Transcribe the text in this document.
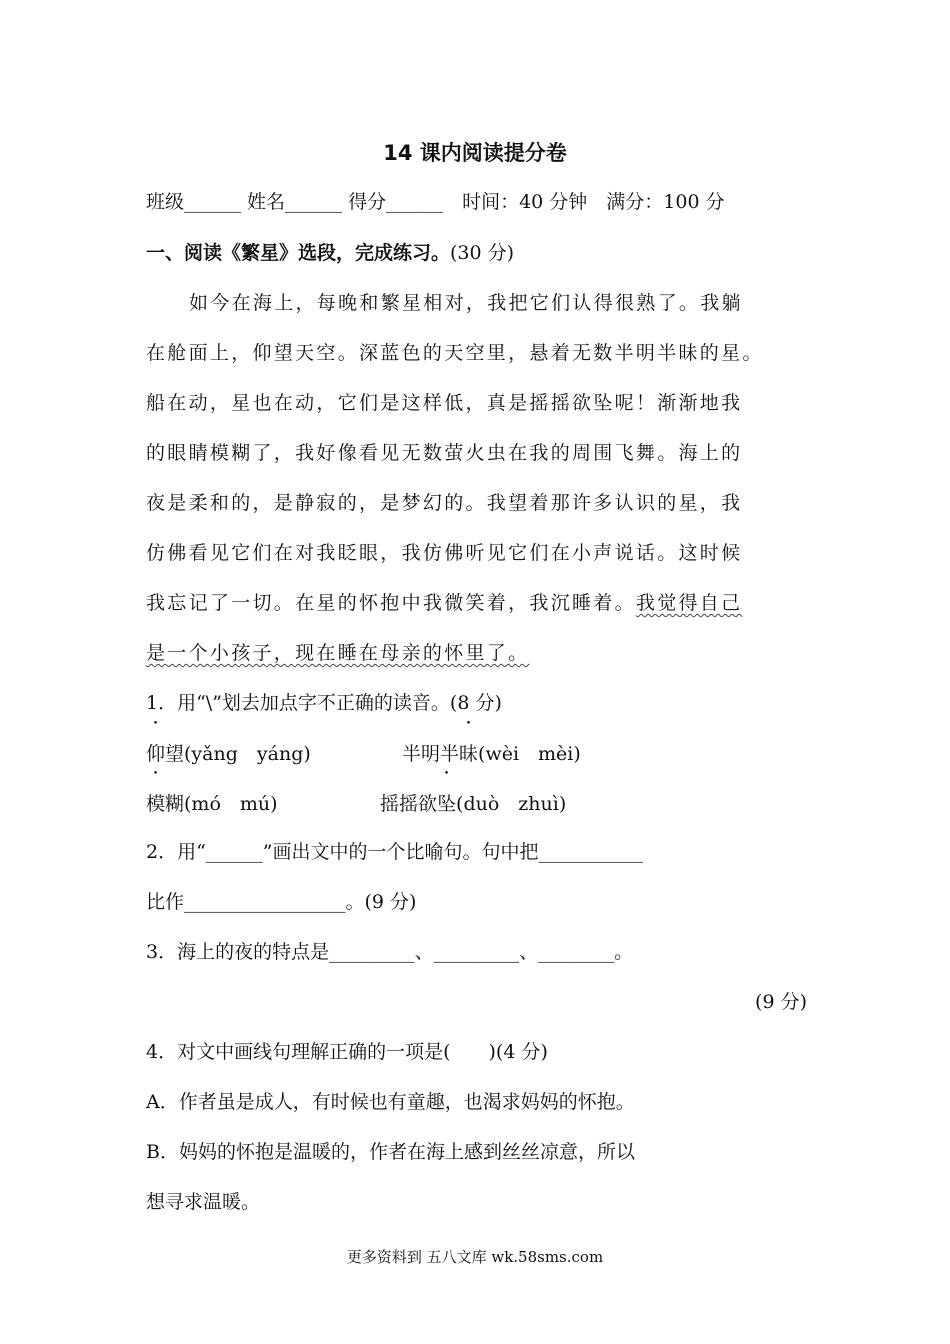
14 课内阅读提分卷
班级______ 姓名______ 得分______　时间：40 分钟　满分：100 分
一、阅读《繁星》选段，完成练习。(30 分)
如今在海上，每晚和繁星相对，我把它们认得很熟了。我躺
在舱面上，仰望天空。深蓝色的天空里，悬着无数半明半昧的星。
船在动，星也在动，它们是这样低，真是摇摇欲坠呢！渐渐地我
的眼睛模糊了，我好像看见无数萤火虫在我的周围飞舞。海上的
夜是柔和的，是静寂的，是梦幻的。我望着那许多认识的星，我
仿佛看见它们在对我眨眼，我仿佛听见它们在小声说话。这时候
我忘记了一切。在星的怀抱中我微笑着，我沉睡着。我觉得自己
是一个小孩子，现在睡在母亲的怀里了。
1．用“\”划去加点字不正确的读音。(8 分)
仰望(yǎng　yáng)	半明半昧(wèi　mèi)
模糊(mó　mú)	摇摇欲坠(duò　zhuì)
2．用“______”画出文中的一个比喻句。句中把___________
比作_________________。(9 分)
3．海上的夜的特点是_________、_________、________。
(9 分)
4．对文中画线句理解正确的一项是(　　)(4 分)
A．作者虽是成人，有时候也有童趣，也渴求妈妈的怀抱。
B．妈妈的怀抱是温暖的，作者在海上感到丝丝凉意，所以
想寻求温暖。
更多资料到 五八文库 wk.58sms.com
